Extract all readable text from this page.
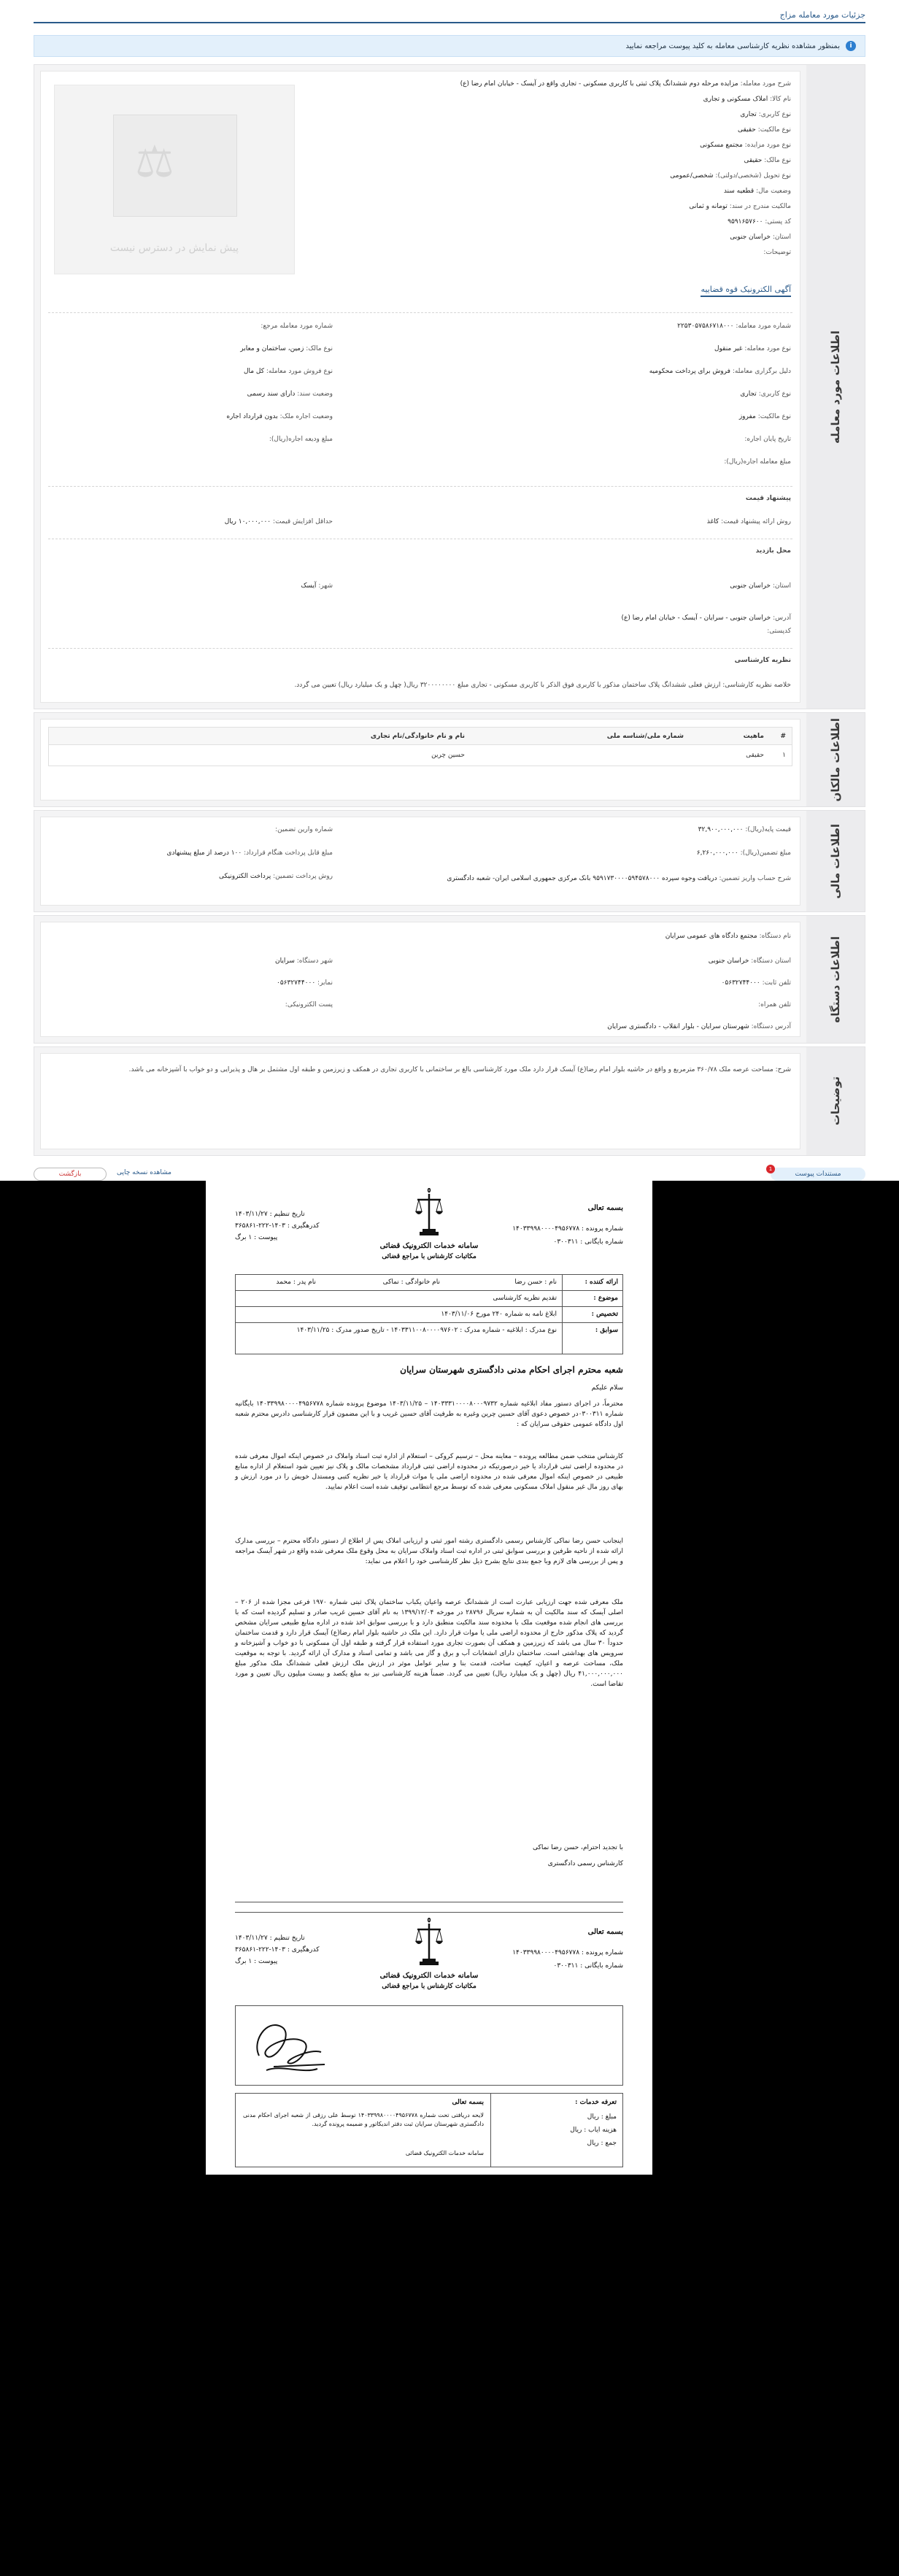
جزئیات مورد معامله مزاج
i
بمنظور مشاهده نظریه کارشناسی معامله به کلید پیوست مراجعه نمایید
اطلاعات مورد معامله
شرح مورد معامله: مزایده مرحله دوم ششدانگ پلاک ثبتی با کاربری مسکونی - تجاری واقع در آیسک - خیابان امام رضا (ع)
نام کالا: املاک مسکونی و تجاری
نوع کاربری: تجاری
نوع مالکیت: حقیقی
نوع مورد مزایده: مجتمع مسکونی
نوع مالک: حقیقی
نوع تحویل (شخصی/دولتی): شخصی/عمومی
وضعیت مال: قطعیه سند
مالکیت مندرج در سند: تومانه و ثمانی
کد پستی: ۹۵۹۱۶۵۷۶۰۰
استان: خراسان جنوبی
توضیحات:
⚖
پیش نمایش در دسترس نیست
آگهی الکترونیک قوه قضاییه
شماره مورد معامله: ۲۲۵۳۰۵۷۵۸۶۷۱۸۰۰۰
شماره مورد معامله مرجع:
نوع مورد معامله: غیر منقول
نوع مالک: زمین، ساختمان و معابر
دلیل برگزاری معامله: فروش برای پرداخت محکومیه
نوع فروش مورد معامله: کل مال
نوع کاربری: تجاری
وضعیت سند: دارای سند رسمی
نوع مالکیت: مفروز
وضعیت اجاره ملک: بدون قرارداد اجاره
تاریخ پایان اجاره:
مبلغ ودیعه اجاره(ریال):
مبلغ معامله اجاره(ریال):
پیشنهاد قیمت
روش ارائه پیشنهاد قیمت: کاغذ
حداقل افزایش قیمت: ۱۰,۰۰۰,۰۰۰ ریال
محل بازدید
استان: خراسان جنوبی
شهر: آیسک
آدرس: خراسان جنوبی - سرایان - آیسک - خیابان امام رضا (ع)
کدپستی:
نظریه کارشناسی
خلاصه نظریه کارشناسی: ارزش فعلی ششدانگ پلاک ساختمان مذکور با کاربری فوق الذکر با کاربری مسکونی - تجاری مبلغ ۳۲۰۰۰۰۰۰۰۰ ریال( چهل و یک میلیارد ریال) تعیین می گردد.
اطلاعات مالکان
#
ماهیت
شماره ملی/شناسه ملی
نام و نام خانوادگی/نام تجاری
۱
حقیقی
حسین چرین
اطلاعات مالی
قیمت پایه(ریال): ۳۲,۹۰۰,۰۰۰,۰۰۰
شماره وارین تضمین:
مبلغ تضمین(ریال): ۶,۲۶۰,۰۰۰,۰۰۰
مبلغ قابل پرداخت هنگام قرارداد: ۱۰۰ درصد از مبلغ پیشنهادی
شرح حساب واریز تضمین: دریافت وجوه سپرده ۹۵۹۱۷۳۰۰۰۰۵۹۴۵۷۸۰۰۰ بانک مرکزی جمهوری اسلامی ایران- شعبه دادگستری
روش پرداخت تضمین: پرداخت الکترونیکی
اطلاعات دستگاه
نام دستگاه: مجتمع دادگاه های عمومی سرایان
استان دستگاه: خراسان جنوبی
شهر دستگاه: سرایان
تلفن ثابت: ۰۵۶۳۲۷۴۴۰۰۰
نمابر: ۰۵۶۳۲۷۴۴۰۰۰
تلفن همراه:
پست الکترونیکی:
آدرس دستگاه: شهرستان سرایان - بلوار انقلاب - دادگستری سرایان
توضیحات
شرح: مساحت عرصه ملک ۳۶۰/۷۸ مترمربع و واقع در حاشیه بلوار امام رضا(ع) آیسک قرار دارد ملک مورد کارشناسی بالغ بر ساختمانی با کاربری تجاری در همکف و زیرزمین و طبقه اول مشتمل بر هال و پذیرایی و دو خواب با آشپزخانه می باشد.
مستندات پیوست
1
بازگشت	مشاهده نسخه چاپی
بسمه تعالی
شماره پرونده : ۱۴۰۳۳۹۹۸۰۰۰۰۴۹۵۶۷۷۸
شماره بایگانی : ۰۳۰۰۳۱۱
سامانه خدمات الکترونیک قضائی
مکاتبات کارشناس با مراجع قضائی
تاریخ تنظیم : ۱۴۰۳/۱۱/۲۷
کدرهگیری : ۱۴۰۳-۲۲۲-۳۶۵۸۶۱
پیوست : ۱ برگ
ارائه کننده :
نام : حسن رضا
نام خانوادگی : نماکی
نام پدر : محمد
موضوع :
تقدیم نظریه کارشناسی
تخصیص :
ابلاغ نامه به شماره ۲۴۰ مورخ ۱۴۰۳/۱۱/۰۶
سوابق :
نوع مدرک : ابلاغیه - شماره مدرک : ۱۴۰۳۳۱۱۰۰۸۰۰۰۰۹۷۶۰۲ - تاریخ صدور مدرک : ۱۴۰۳/۱۱/۲۵
شعبه محترم اجرای احکام مدنی دادگستری شهرستان سرایان
سلام علیکم
محترماً، در اجرای دستور مفاد ابلاغیه شماره ۱۴۰۳۳۳۱۰۰۰۰۸۰۰۰۹۷۳۲ – ۱۴۰۳/۱۱/۲۵ موضوع پرونده شماره ۱۴۰۳۳۹۹۸۰۰۰۰۴۹۵۶۷۷۸ بایگانیه شماره ۰۳۰۰۳۱۱در خصوص دعوی آقای حسین چرین وغیره به طرفیت آقای حسین غریب و با این مضمون قرار کارشناسی دادرس محترم شعبه اول دادگاه عمومی حقوقی سرایان که :
کارشناس منتخب ضمن مطالعه پرونده – معاینه محل – ترسیم کروکی – استعلام از اداره ثبت اسناد واملاک در خصوص اینکه اموال معرفی شده در محدوده اراضی ثبتی قرارداد یا خیر درصورتیکه در محدوده اراضی ثبتی قرارداد مشخصات مالک و پلاک نیز تعیین شود استعلام از اداره منابع طبیعی در خصوص اینکه اموال معرفی شده در محدوده اراضی ملی یا موات قرارداد یا خیر نظریه کتبی ومستدل خویش را در مورد ارزش و بهای روز مال غیر منقول املاک مسکونی معرفی شده که توسط مرجع انتظامی توقیف شده است اعلام نمایید.
اینجانب حسن رضا نماکی کارشناس رسمی دادگستری رشته امور ثبتی و ارزیابی املاک پس از اطلاع از دستور دادگاه محترم – بررسی مدارک ارائه شده از ناحیه طرفین و بررسی سوابق ثبتی در اداره ثبت اسناد واملاک سرایان به محل وقوع ملک معرفی شده واقع در شهر آیسک مراجعه و پس از بررسی های لازم وبا جمع بندی نتایج بشرح ذیل نظر کارشناسی خود را اعلام می نماید:
ملک معرفی شده جهت ارزیابی عبارت است از ششدانگ عرصه واعیان یکباب ساختمان پلاک ثبتی شماره ۱۹۷۰ فرعی مجزا شده از ۲۰۶ – اصلی آیسک که سند مالکیت آن به شماره سریال ۲۸۷۹۶ در مورخه ۱۳۹۹/۱۲/۰۴ به نام آقای حسین غریب صادر و تسلیم گردیده است که با بررسی های انجام شده موقعیت ملک با محدوده سند مالکیت منطبق دارد و با بررسی سوابق اخذ شده در اداره منابع طبیعی سرایان مشخص گردید که پلاک مذکور خارج از محدوده اراضی ملی یا موات قرار دارد. این ملک در حاشیه بلوار امام رضا(ع) آیسک قرار دارد و قدمت ساختمان حدوداً ۳۰ سال می باشد که زیرزمین و همکف آن بصورت تجاری مورد استفاده قرار گرفته و طبقه اول آن مسکونی با دو خواب و آشپزخانه و سرویس های بهداشتی است. ساختمان دارای انشعابات آب و برق و گاز می باشد و تمامی اسناد و مدارک آن ارائه گردید. با توجه به موقعیت ملک، مساحت عرصه و اعیان، کیفیت ساخت، قدمت بنا و سایر عوامل موثر در ارزش ملک ارزش فعلی ششدانگ ملک مذکور مبلغ ۴۱,۰۰۰,۰۰۰,۰۰۰ ریال (چهل و یک میلیارد ریال) تعیین می گردد. ضمناً هزینه کارشناسی نیز به مبلغ یکصد و بیست میلیون ریال تعیین و مورد تقاضا است.
با تجدید احترام، حسن رضا نماکی
کارشناس رسمی دادگستری
بسمه تعالی
شماره پرونده : ۱۴۰۳۳۹۹۸۰۰۰۰۴۹۵۶۷۷۸
شماره بایگانی : ۰۳۰۰۳۱۱
سامانه خدمات الکترونیک قضائی
مکاتبات کارشناس با مراجع قضائی
تاریخ تنظیم : ۱۴۰۳/۱۱/۲۷
کدرهگیری : ۱۴۰۳-۲۲۲-۳۶۵۸۶۱
پیوست : ۱ برگ
تعرفه خدمات :
مبلغ : ریال
هزینه ایاب : ریال
جمع : ریال
بسمه تعالی
لایحه دریافتی تحت شماره ۱۴۰۳۳۹۹۸۰۰۰۰۴۹۵۶۷۷۸ توسط علی رزقی از شعبه اجرای احکام مدنی دادگستری شهرستان سرایان ثبت دفتر اندیکاتور و ضمیمه پرونده گردید.
سامانه خدمات الکترونیک قضائی
